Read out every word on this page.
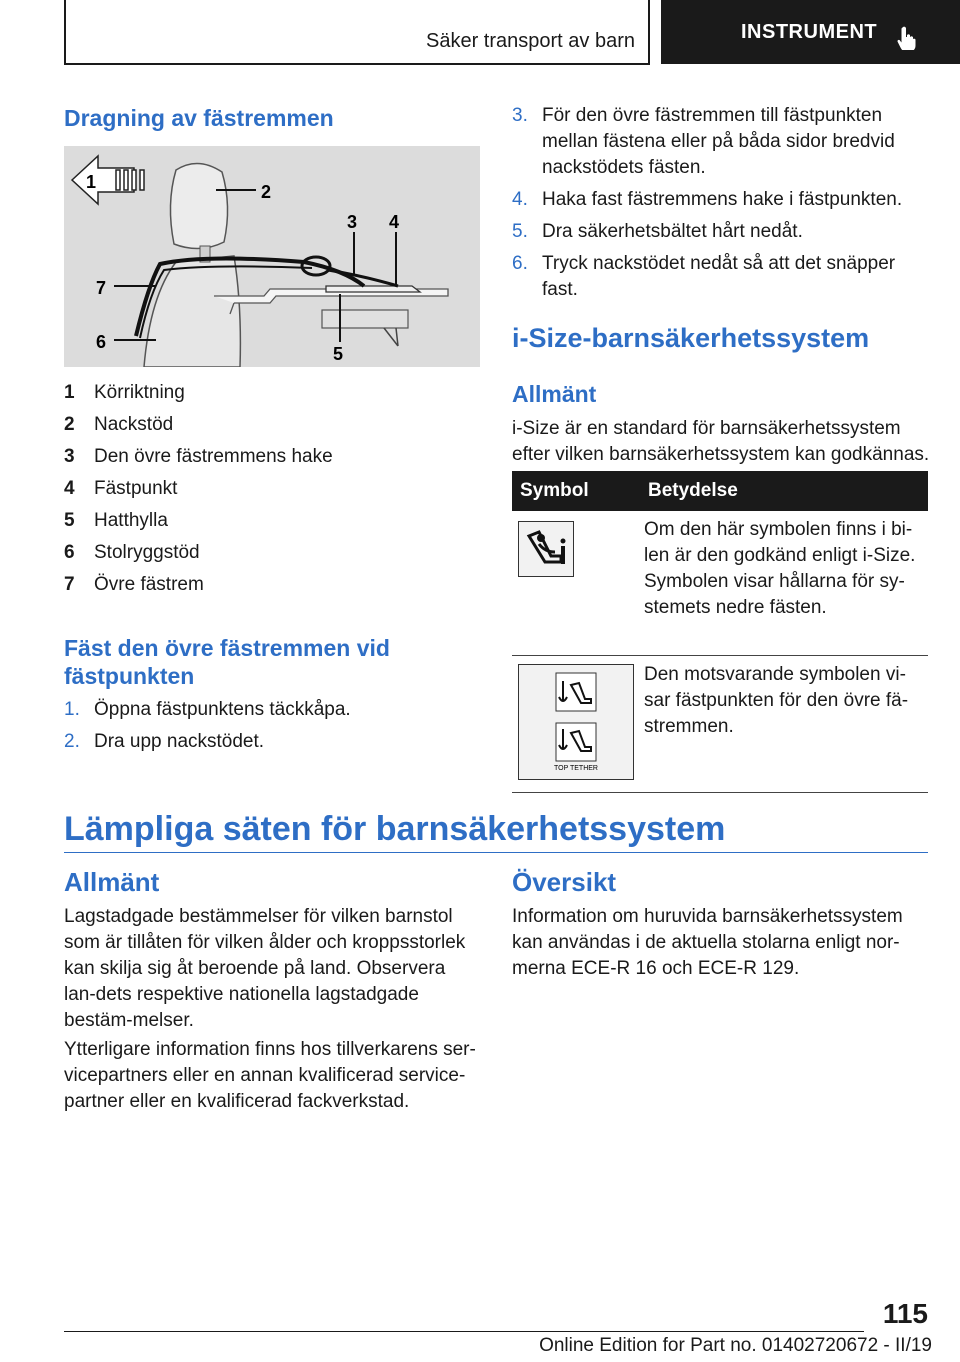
Säker transport av barn	INSTRUMENT
Dragning av fästremmen
1	2
3 4
5
6
7
1	Körriktning
2	Nackstöd
3	Den övre fästremmens hake
4	Fästpunkt
5	Hatthylla
6	Stolryggstöd
7	Övre fästrem
Fäst den övre fästremmen vid fästpunkten
1. Öppna fästpunktens täckkåpa.
2. Dra upp nackstödet.
3. För den övre fästremmen till fästpunkten mellan fästena eller på båda sidor bredvid nackstödets fästen.
4. Haka fast fästremmens hake i fästpunkten.
5. Dra säkerhetsbältet hårt nedåt.
6. Tryck nackstödet nedåt så att det snäpper fast.
i-Size-barnsäkerhetssystem
Allmänt
i-Size är en standard för barnsäkerhetssystem efter vilken barnsäkerhetssystem kan godkännas.
Symbol	Betydelse

	Om den här symbolen finns i bi-len är den godkänd enligt i-Size. Symbolen visar hållarna för sy-stemets nedre fästen.

TOP TETHER	Den motsvarande symbolen vi-sar fästpunkten för den övre fä-stremmen.
Lämpliga säten för barnsäkerhetssystem
Allmänt
Lagstadgade bestämmelser för vilken barnstol som är tillåten för vilken ålder och kroppsstorlek kan skilja sig åt beroende på land. Observera lan-dets respektive nationella lagstadgade bestäm-melser.
Ytterligare information finns hos tillverkarens ser-vicepartners eller en annan kvalificerad service-partner eller en kvalificerad fackverkstad.
Översikt
Information om huruvida barnsäkerhetssystem kan användas i de aktuella stolarna enligt nor-merna ECE-R 16 och ECE-R 129.
115
Online Edition for Part no. 01402720672 - II/19
